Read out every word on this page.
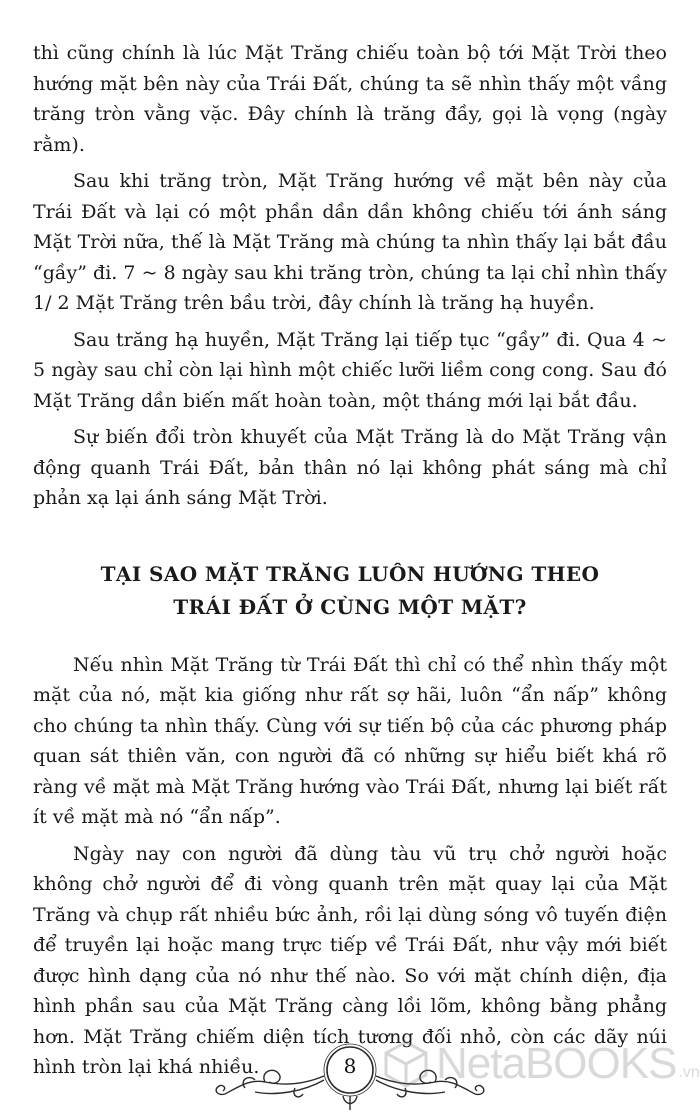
thì cũng chính là lúc Mặt Trăng chiếu toàn bộ tới Mặt Trời theo hướng mặt bên này của Trái Đất, chúng ta sẽ nhìn thấy một vầng trăng tròn vằng vặc. Đây chính là trăng đầy, gọi là vọng (ngày rằm).

Sau khi trăng tròn, Mặt Trăng hướng về mặt bên này của Trái Đất và lại có một phần dần dần không chiếu tới ánh sáng Mặt Trời nữa, thế là Mặt Trăng mà chúng ta nhìn thấy lại bắt đầu “gầy” đi. 7 ~ 8 ngày sau khi trăng tròn, chúng ta lại chỉ nhìn thấy 1/ 2 Mặt Trăng trên bầu trời, đây chính là trăng hạ huyền.

Sau trăng hạ huyền, Mặt Trăng lại tiếp tục “gầy” đi. Qua 4 ~ 5 ngày sau chỉ còn lại hình một chiếc lưỡi liềm cong cong. Sau đó Mặt Trăng dần biến mất hoàn toàn, một tháng mới lại bắt đầu.

Sự biến đổi tròn khuyết của Mặt Trăng là do Mặt Trăng vận động quanh Trái Đất, bản thân nó lại không phát sáng mà chỉ phản xạ lại ánh sáng Mặt Trời.

TẠI SAO MẶT TRĂNG LUÔN HƯỚNG THEO
TRÁI ĐẤT Ở CÙNG MỘT MẶT?

Nếu nhìn Mặt Trăng từ Trái Đất thì chỉ có thể nhìn thấy một mặt của nó, mặt kia giống như rất sợ hãi, luôn “ẩn nấp” không cho chúng ta nhìn thấy. Cùng với sự tiến bộ của các phương pháp quan sát thiên văn, con người đã có những sự hiểu biết khá rõ ràng về mặt mà Mặt Trăng hướng vào Trái Đất, nhưng lại biết rất ít về mặt mà nó “ẩn nấp”.

Ngày nay con người đã dùng tàu vũ trụ chở người hoặc không chở người để đi vòng quanh trên mặt quay lại của Mặt Trăng và chụp rất nhiều bức ảnh, rồi lại dùng sóng vô tuyến điện để truyền lại hoặc mang trực tiếp về Trái Đất, như vậy mới biết được hình dạng của nó như thế nào. So với mặt chính diện, địa hình phần sau của Mặt Trăng càng lồi lõm, không bằng phẳng hơn. Mặt Trăng chiếm diện tích tương đối nhỏ, còn các dãy núi hình tròn lại khá nhiều.	8	NetaBOOKS .vn
